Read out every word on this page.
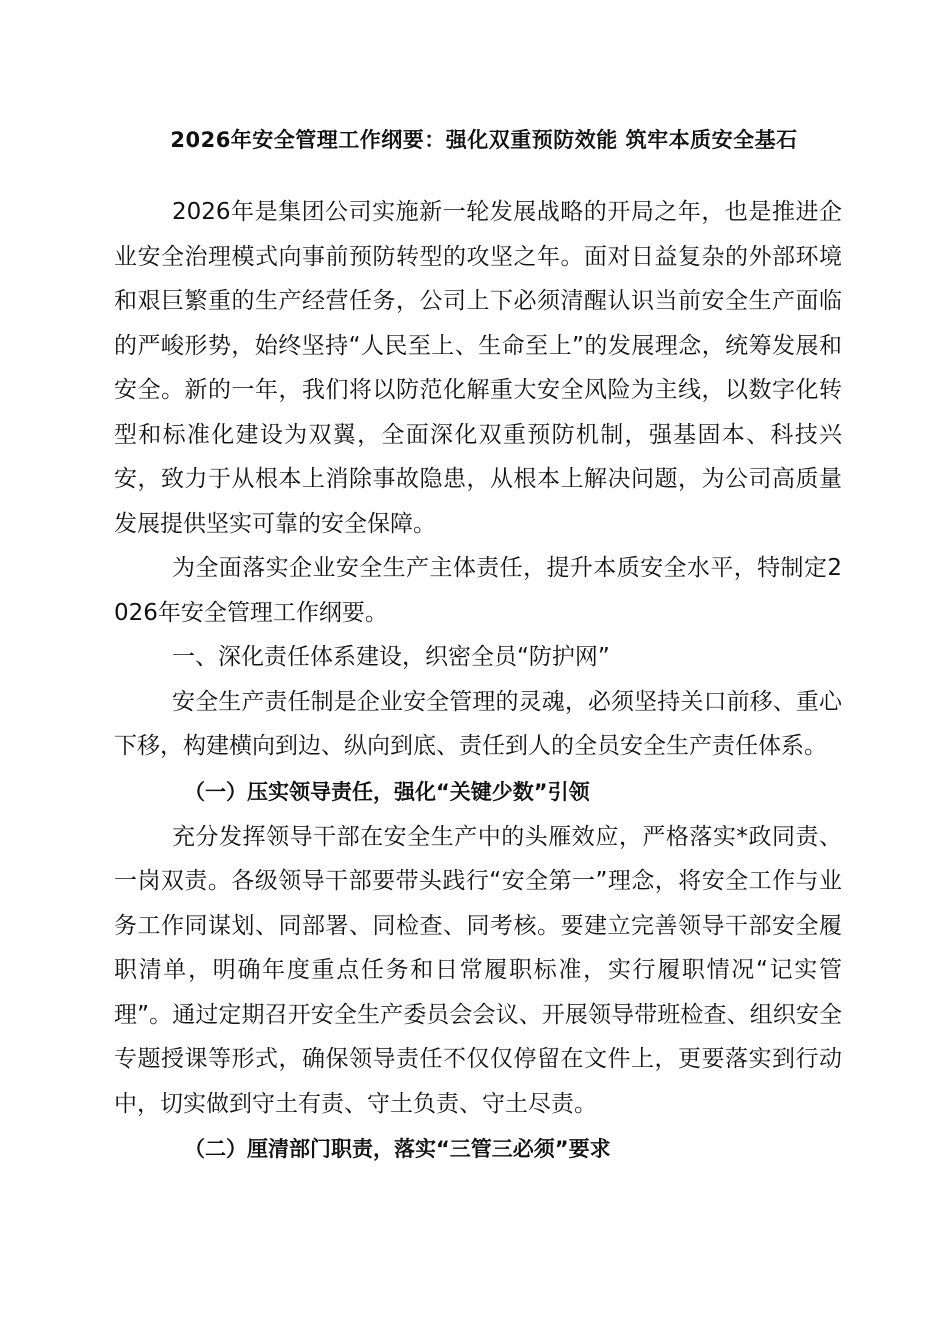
2026年安全管理工作纲要：强化双重预防效能 筑牢本质安全基石

2026年是集团公司实施新一轮发展战略的开局之年，也是推进企业安全治理模式向事前预防转型的攻坚之年。面对日益复杂的外部环境和艰巨繁重的生产经营任务，公司上下必须清醒认识当前安全生产面临的严峻形势，始终坚持“人民至上、生命至上”的发展理念，统筹发展和安全。新的一年，我们将以防范化解重大安全风险为主线，以数字化转型和标准化建设为双翼，全面深化双重预防机制，强基固本、科技兴安，致力于从根本上消除事故隐患，从根本上解决问题，为公司高质量发展提供坚实可靠的安全保障。

为全面落实企业安全生产主体责任，提升本质安全水平，特制定2026年安全管理工作纲要。

一、深化责任体系建设，织密全员“防护网”

安全生产责任制是企业安全管理的灵魂，必须坚持关口前移、重心下移，构建横向到边、纵向到底、责任到人的全员安全生产责任体系。

（一）压实领导责任，强化“关键少数”引领

充分发挥领导干部在安全生产中的头雁效应，严格落实*政同责、一岗双责。各级领导干部要带头践行“安全第一”理念，将安全工作与业务工作同谋划、同部署、同检查、同考核。要建立完善领导干部安全履职清单，明确年度重点任务和日常履职标准，实行履职情况“记实管理”。通过定期召开安全生产委员会会议、开展领导带班检查、组织安全专题授课等形式，确保领导责任不仅仅停留在文件上，更要落实到行动中，切实做到守土有责、守土负责、守土尽责。

（二）厘清部门职责，落实“三管三必须”要求
